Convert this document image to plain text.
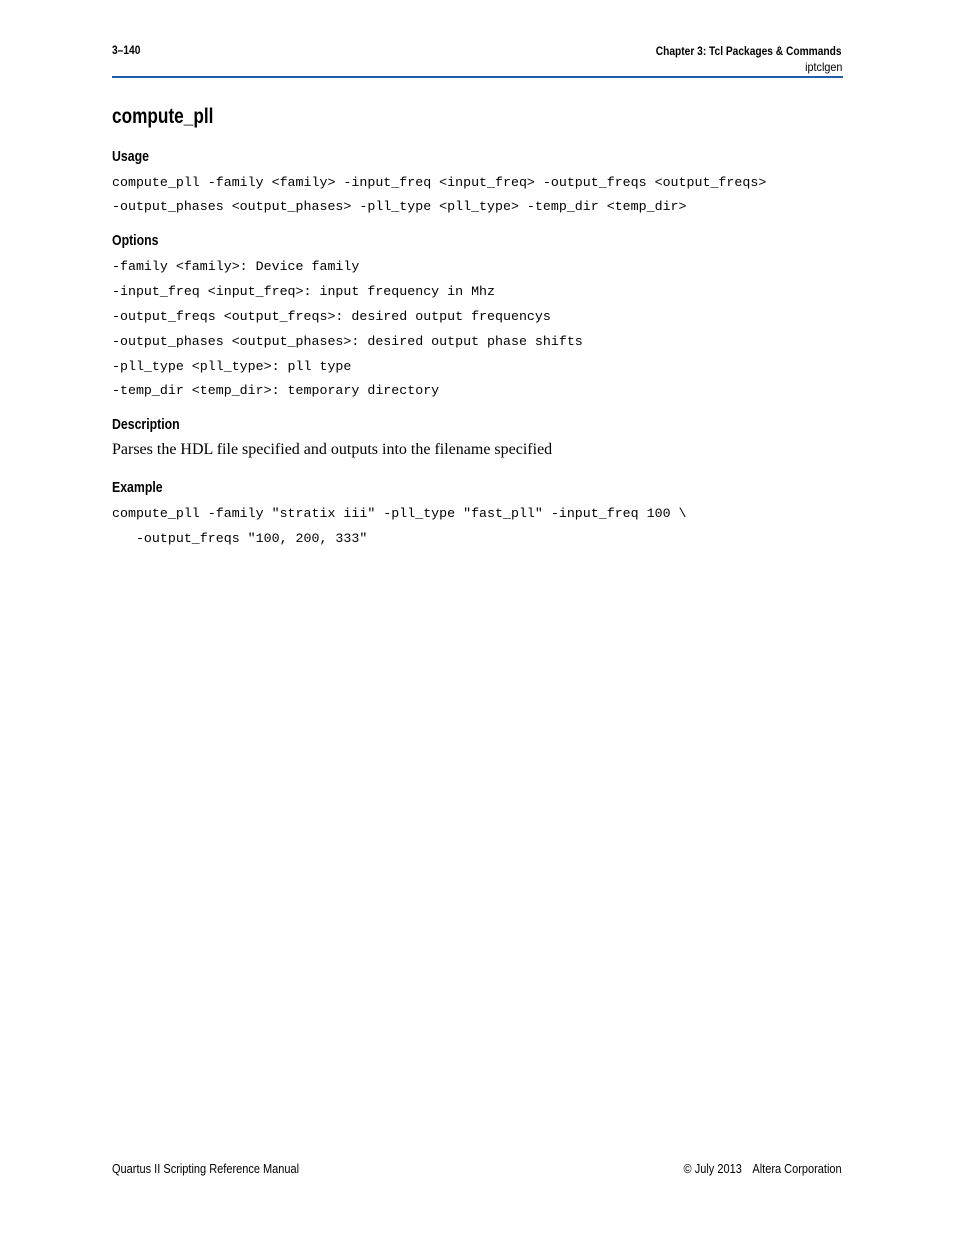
3–140	Chapter 3: Tcl Packages & Commands
iptclgen
compute_pll
Usage
compute_pll -family <family> -input_freq <input_freq> -output_freqs <output_freqs>
-output_phases <output_phases> -pll_type <pll_type> -temp_dir <temp_dir>
Options
-family <family>: Device family
-input_freq <input_freq>: input frequency in Mhz
-output_freqs <output_freqs>: desired output frequencys
-output_phases <output_phases>: desired output phase shifts
-pll_type <pll_type>: pll type
-temp_dir <temp_dir>: temporary directory
Description
Parses the HDL file specified and outputs into the filename specified
Example
compute_pll -family "stratix iii" -pll_type "fast_pll" -input_freq 100 \
-output_freqs "100, 200, 333"
Quartus II Scripting Reference Manual	© July 2013 Altera Corporation
